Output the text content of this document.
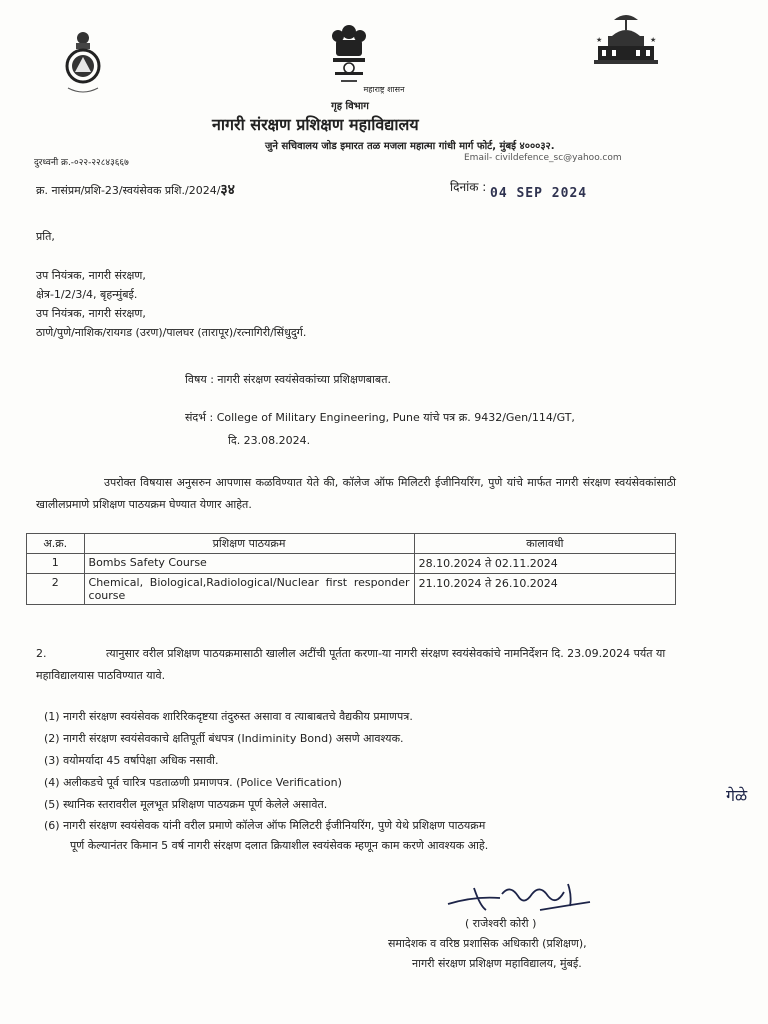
★	★
महाराष्ट्र शासन
गृह विभाग
नागरी संरक्षण प्रशिक्षण महाविद्यालय
जुने सचिवालय जोड इमारत तळ मजला महात्मा गांधी मार्ग फोर्ट, मुंबई ४०००३२.
दुरध्वनी क्र.-०२२-२२८४३६६७	Email- civildefence_sc@yahoo.com
क्र. नासंप्रम/प्रशि-23/स्वयंसेवक प्रशि./2024/३४	दिनांक : 04 SEP 2024
प्रति,
उप नियंत्रक, नागरी संरक्षण,
क्षेत्र-1/2/3/4, बृहन्मुंबई.
उप नियंत्रक, नागरी संरक्षण,
ठाणे/पुणे/नाशिक/रायगड (उरण)/पालघर (तारापूर)/रत्नागिरी/सिंधुदुर्ग.
विषय : नागरी संरक्षण स्वयंसेवकांच्या प्रशिक्षणबाबत.
संदर्भ : College of Military Engineering, Pune यांचे पत्र क्र. 9432/Gen/114/GT,
दि. 23.08.2024.
उपरोक्त विषयास अनुसरुन आपणास कळविण्यात येते की, कॉलेज ऑफ मिलिटरी ईजीनियरिंग, पुणे यांचे मार्फत नागरी संरक्षण स्वयंसेवकांसाठी खालीलप्रमाणे प्रशिक्षण पाठयक्रम घेण्यात येणार आहेत.
अ.क्र.	प्रशिक्षण पाठयक्रम	कालावधी
1	Bombs Safety Course	28.10.2024 ते 02.11.2024
2	Chemical, Biological,Radiological/Nuclear first responder course	21.10.2024 ते 26.10.2024
2.	त्यानुसार वरील प्रशिक्षण पाठयक्रमासाठी खालील अटींची पूर्तता करणा-या नागरी संरक्षण स्वयंसेवकांचे नामनिर्देशन दि. 23.09.2024 पर्यत या महाविद्यालयास पाठविण्यात यावे.
(1) नागरी संरक्षण स्वयंसेवक शारिरिकदृष्टया तंदुरुस्त असावा व त्याबाबतचे वैद्यकीय प्रमाणपत्र.
(2) नागरी संरक्षण स्वयंसेवकाचे क्षतिपूर्ती बंधपत्र (Indiminity Bond) असणे आवश्यक.
(3) वयोमर्यादा 45 वर्षापेक्षा अधिक नसावी.
(4) अलीकडचे पूर्व चारित्र पडताळणी प्रमाणपत्र. (Police Verification)
(5) स्थानिक स्तरावरील मूलभूत प्रशिक्षण पाठयक्रम पूर्ण केलेले असावेत.
(6) नागरी संरक्षण स्वयंसेवक यांनी वरील प्रमाणे कॉलेज ऑफ मिलिटरी ईजीनियरिंग, पुणे येथे प्रशिक्षण पाठयक्रम
पूर्ण केल्यानंतर किमान 5 वर्ष नागरी संरक्षण दलात क्रियाशील स्वयंसेवक म्हणून काम करणे आवश्यक आहे.
गेळे
( राजेश्वरी कोरी )
समादेशक व वरिष्ठ प्रशासिक अधिकारी (प्रशिक्षण),
नागरी संरक्षण प्रशिक्षण महाविद्यालय, मुंबई.
